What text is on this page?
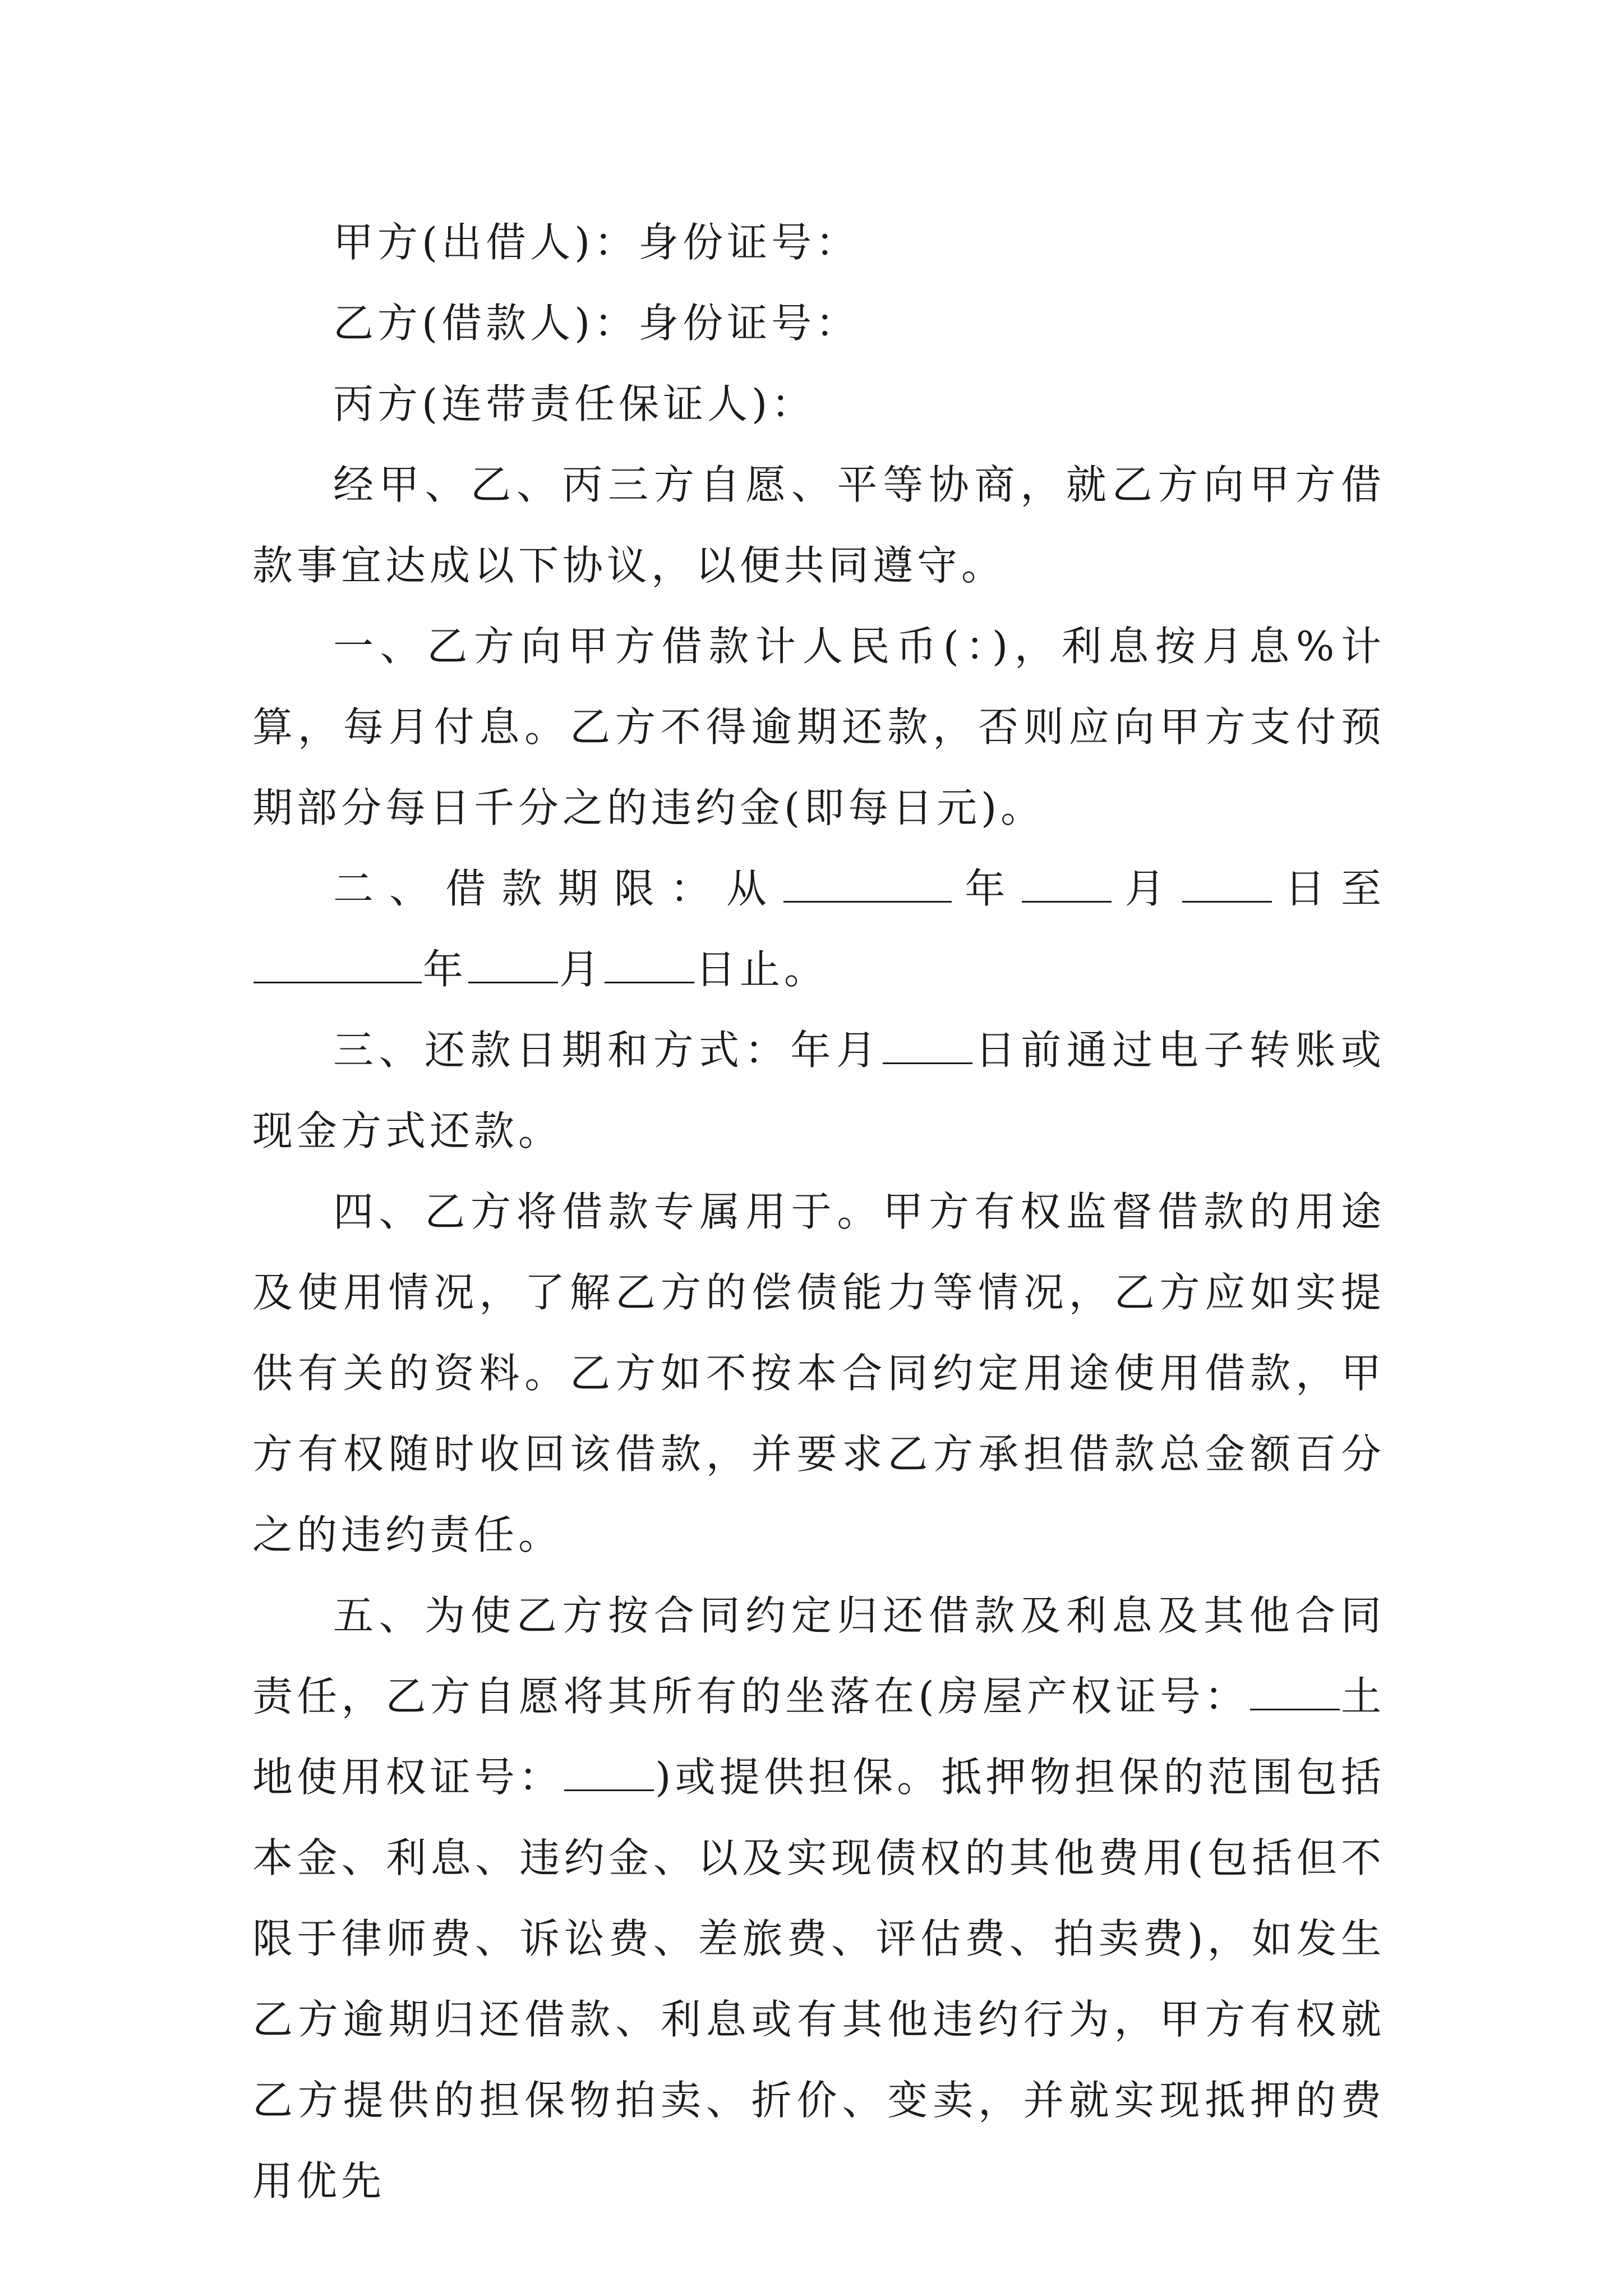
甲方(出借人)：身份证号：

乙方(借款人)：身份证号：

丙方(连带责任保证人)：

经甲、乙、丙三方自愿、平等协商，就乙方向甲方借款事宜达成以下协议，以便共同遵守。

一、乙方向甲方借款计人民币(：)，利息按月息%计算，每月付息。乙方不得逾期还款，否则应向甲方支付预期部分每日千分之的违约金(即每日元)。

二、借款期限：从	年 月 日至年 月 日止。

三、还款日期和方式：年月 日前通过电子转账或现金方式还款。

四、乙方将借款专属用于。甲方有权监督借款的用途及使用情况，了解乙方的偿债能力等情况，乙方应如实提供有关的资料。乙方如不按本合同约定用途使用借款，甲方有权随时收回该借款，并要求乙方承担借款总金额百分之的违约责任。

五、为使乙方按合同约定归还借款及利息及其他合同责任，乙方自愿将其所有的坐落在(房屋产权证号： 土地使用权证号： )或提供担保。抵押物担保的范围包括本金、利息、违约金、以及实现债权的其他费用(包括但不限于律师费、诉讼费、差旅费、评估费、拍卖费)，如发生乙方逾期归还借款、利息或有其他违约行为，甲方有权就乙方提供的担保物拍卖、折价、变卖，并就实现抵押的费用优先
